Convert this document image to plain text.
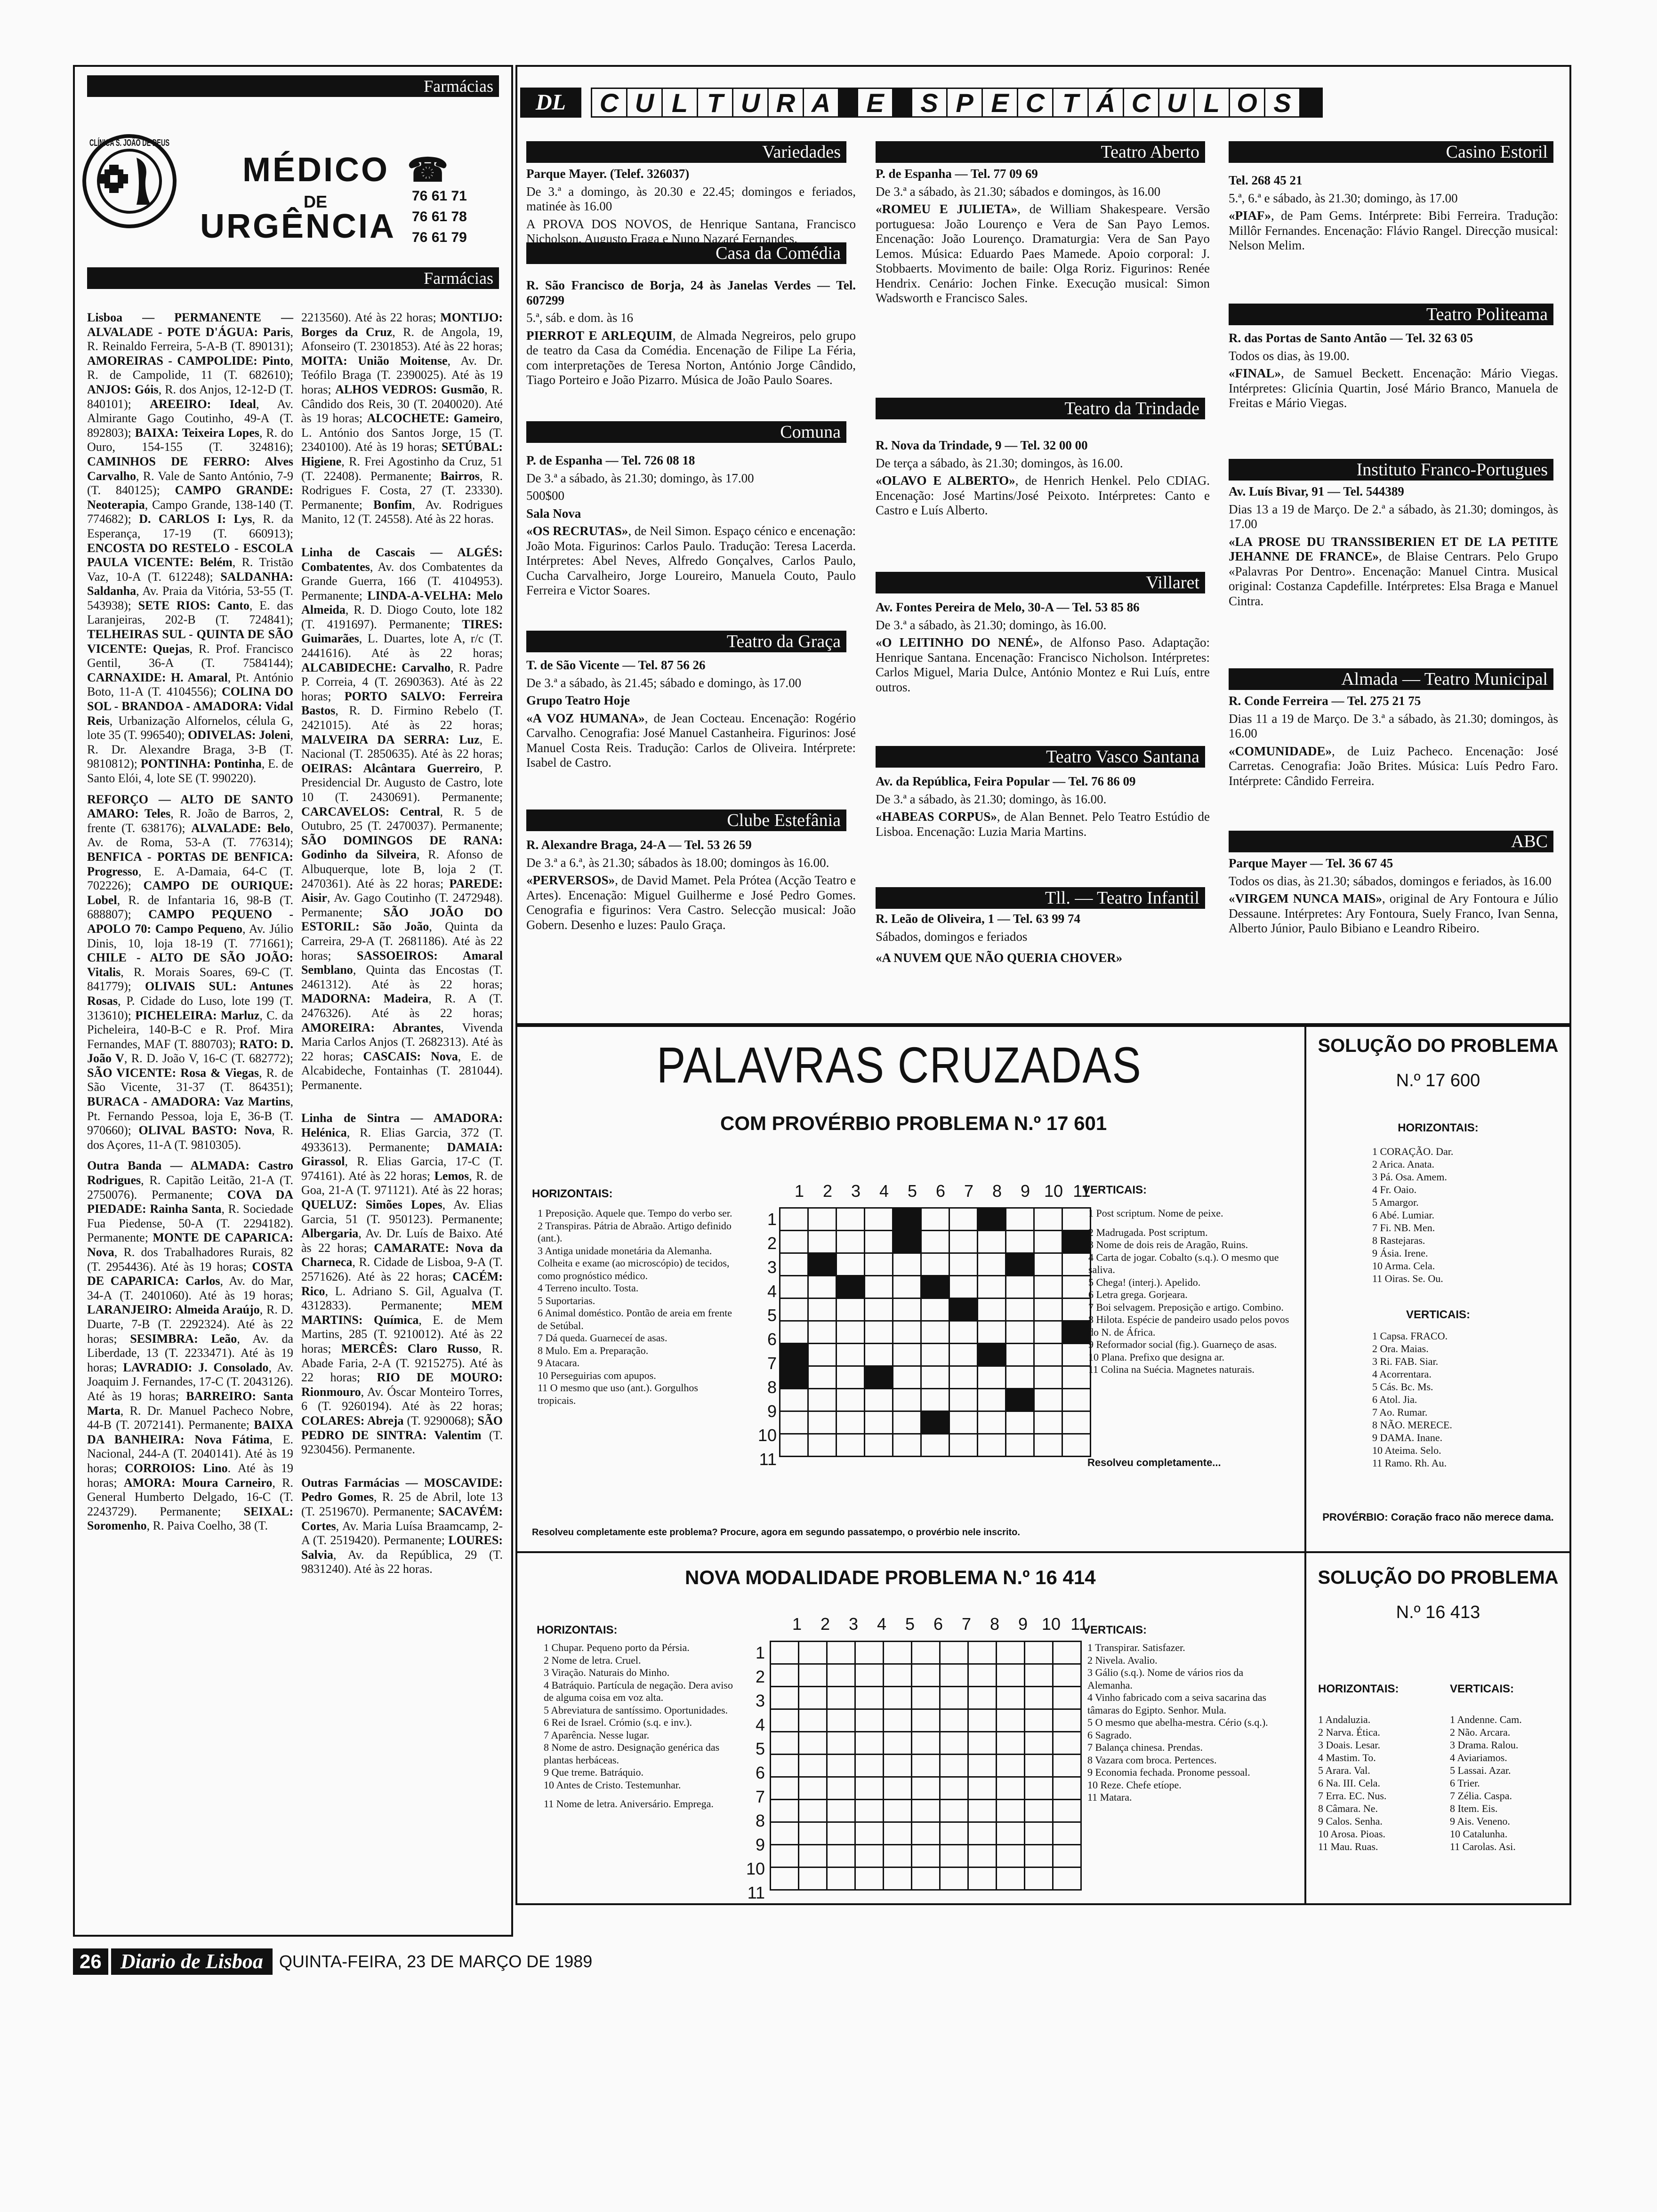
Farmácias
CLÍNICA S. JOÃO DE DEUS
MÉDICO ☎
DE
URGÊNCIA
76 61 71
76 61 78
76 61 79
Farmácias

Lisboa — PERMANENTE — ALVALADE - POTE D'ÁGUA: Paris, R. Reinaldo Ferreira, 5-A-B (T. 890131); AMOREIRAS - CAMPOLIDE: Pinto, R. de Campolide, 11 (T. 682610); ANJOS: Góis, R. dos Anjos, 12-12-D (T. 840101); AREEIRO: Ideal, Av. Almirante Gago Coutinho, 49-A (T. 892803); BAIXA: Teixeira Lopes, R. do Ouro, 154-155 (T. 324816); CAMINHOS DE FERRO: Alves Carvalho, R. Vale de Santo António, 7-9 (T. 840125); CAMPO GRANDE: Neoterapia, Campo Grande, 138-140 (T. 774682); D. CARLOS I: Lys, R. da Esperança, 17-19 (T. 660913); ENCOSTA DO RESTELO - ESCOLA PAULA VICENTE: Belém, R. Tristão Vaz, 10-A (T. 612248); SALDANHA: Saldanha, Av. Praia da Vitória, 53-55 (T. 543938); SETE RIOS: Canto, E. das Laranjeiras, 202-B (T. 724841); TELHEIRAS SUL - QUINTA DE SÃO VICENTE: Quejas, R. Prof. Francisco Gentil, 36-A (T. 7584144); CARNAXIDE: H. Amaral, Pt. António Boto, 11-A (T. 4104556); COLINA DO SOL - BRANDOA - AMADORA: Vidal Reis, Urbanização Alfornelos, célula G, lote 35 (T. 996540); ODIVELAS: Joleni, R. Dr. Alexandre Braga, 3-B (T. 9810812); PONTINHA: Pontinha, E. de Santo Elói, 4, lote SE (T. 990220).

REFORÇO — ALTO DE SANTO AMARO: Teles, R. João de Barros, 2, frente (T. 638176); ALVALADE: Belo, Av. de Roma, 53-A (T. 776314); BENFICA - PORTAS DE BENFICA: Progresso, E. A-Damaia, 64-C (T. 702226); CAMPO DE OURIQUE: Lobel, R. de Infantaria 16, 98-B (T. 688807); CAMPO PEQUENO - APOLO 70: Campo Pequeno, Av. Júlio Dinis, 10, loja 18-19 (T. 771661); CHILE - ALTO DE SÃO JOÃO: Vitalis, R. Morais Soares, 69-C (T. 841779); OLIVAIS SUL: Antunes Rosas, P. Cidade do Luso, lote 199 (T. 313610); PICHELEIRA: Marluz, C. da Picheleira, 140-B-C e R. Prof. Mira Fernandes, MAF (T. 880703); RATO: D. João V, R. D. João V, 16-C (T. 682772); SÃO VICENTE: Rosa & Viegas, R. de São Vicente, 31-37 (T. 864351); BURACA - AMADORA: Vaz Martins, Pt. Fernando Pessoa, loja E, 36-B (T. 970660); OLIVAL BASTO: Nova, R. dos Açores, 11-A (T. 9810305).

Outra Banda — ALMADA: Castro Rodrigues, R. Capitão Leitão, 21-A (T. 2750076). Permanente; COVA DA PIEDADE: Rainha Santa, R. Sociedade Fua Piedense, 50-A (T. 2294182). Permanente; MONTE DE CAPARICA: Nova, R. dos Trabalhadores Rurais, 82 (T. 2954436). Até às 19 horas; COSTA DE CAPARICA: Carlos, Av. do Mar, 34-A (T. 2401060). Até às 19 horas; LARANJEIRO: Almeida Araújo, R. D. Duarte, 7-B (T. 2292324). Até às 22 horas; SESIMBRA: Leão, Av. da Liberdade, 13 (T. 2233471). Até às 19 horas; LAVRADIO: J. Consolado, Av. Joaquim J. Fernandes, 17-C (T. 2043126). Até às 19 horas; BARREIRO: Santa Marta, R. Dr. Manuel Pacheco Nobre, 44-B (T. 2072141). Permanente; BAIXA DA BANHEIRA: Nova Fátima, E. Nacional, 244-A (T. 2040141). Até às 19 horas; CORROIOS: Lino. Até às 19 horas; AMORA: Moura Carneiro, R. General Humberto Delgado, 16-C (T. 2243729). Permanente; SEIXAL: Soromenho, R. Paiva Coelho, 38 (T.

2213560). Até às 22 horas; MONTIJO: Borges da Cruz, R. de Angola, 19, Afonseiro (T. 2301853). Até às 22 horas; MOITA: União Moitense, Av. Dr. Teófilo Braga (T. 2390025). Até às 19 horas; ALHOS VEDROS: Gusmão, R. Cândido dos Reis, 30 (T. 2040020). Até às 19 horas; ALCOCHETE: Gameiro, L. António dos Santos Jorge, 15 (T. 2340100). Até às 19 horas; SETÚBAL: Higiene, R. Frei Agostinho da Cruz, 51 (T. 22408). Permanente; Bairros, R. Rodrigues F. Costa, 27 (T. 23330). Permanente; Bonfim, Av. Rodrigues Manito, 12 (T. 24558). Até às 22 horas.

Linha de Cascais — ALGÉS: Combatentes, Av. dos Combatentes da Grande Guerra, 166 (T. 4104953). Permanente; LINDA-A-VELHA: Melo Almeida, R. D. Diogo Couto, lote 182 (T. 4191697). Permanente; TIRES: Guimarães, L. Duartes, lote A, r/c (T. 2441616). Até às 22 horas; ALCABIDECHE: Carvalho, R. Padre P. Correia, 4 (T. 2690363). Até às 22 horas; PORTO SALVO: Ferreira Bastos, R. D. Firmino Rebelo (T. 2421015). Até às 22 horas; MALVEIRA DA SERRA: Luz, E. Nacional (T. 2850635). Até às 22 horas; OEIRAS: Alcântara Guerreiro, P. Presidencial Dr. Augusto de Castro, lote 10 (T. 2430691). Permanente; CARCAVELOS: Central, R. 5 de Outubro, 25 (T. 2470037). Permanente; SÃO DOMINGOS DE RANA: Godinho da Silveira, R. Afonso de Albuquerque, lote B, loja 2 (T. 2470361). Até às 22 horas; PAREDE: Aisir, Av. Gago Coutinho (T. 2472948). Permanente; SÃO JOÃO DO ESTORIL: São João, Quinta da Carreira, 29-A (T. 2681186). Até às 22 horas; SASSOEIROS: Amaral Semblano, Quinta das Encostas (T. 2461312). Até às 22 horas; MADORNA: Madeira, R. A (T. 2476326). Até às 22 horas; AMOREIRA: Abrantes, Vivenda Maria Carlos Anjos (T. 2682313). Até às 22 horas; CASCAIS: Nova, E. de Alcabideche, Fontainhas (T. 281044). Permanente.

Linha de Sintra — AMADORA: Helénica, R. Elias Garcia, 372 (T. 4933613). Permanente; DAMAIA: Girassol, R. Elias Garcia, 17-C (T. 974161). Até às 22 horas; Lemos, R. de Goa, 21-A (T. 971121). Até às 22 horas; QUELUZ: Simões Lopes, Av. Elias Garcia, 51 (T. 950123). Permanente; Albergaria, Av. Dr. Luís de Baixo. Até às 22 horas; CAMARATE: Nova da Charneca, R. Cidade de Lisboa, 9-A (T. 2571626). Até às 22 horas; CACÉM: Rico, L. Adriano S. Gil, Agualva (T. 4312833). Permanente; MEM MARTINS: Química, E. de Mem Martins, 285 (T. 9210012). Até às 22 horas; MERCÊS: Claro Russo, R. Abade Faria, 2-A (T. 9215275). Até às 22 horas; RIO DE MOURO: Rionmouro, Av. Óscar Monteiro Torres, 6 (T. 9260194). Até às 22 horas; COLARES: Abreja (T. 9290068); SÃO PEDRO DE SINTRA: Valentim (T. 9230456). Permanente.

Outras Farmácias — MOSCAVIDE: Pedro Gomes, R. 25 de Abril, lote 13 (T. 2519670). Permanente; SACAVÉM: Cortes, Av. Maria Luísa Braamcamp, 2-A (T. 2519420). Permanente; LOURES: Salvia, Av. da República, 29 (T. 9831240). Até às 22 horas.

DL	C U L T U R A E S P E C T Á C U L O S
Variedades

Parque Mayer. (Telef. 326037)

De 3.ª a domingo, às 20.30 e 22.45; domingos e feriados, matinée às 16.00

A PROVA DOS NOVOS, de Henrique Santana, Francisco Nicholson, Augusto Fraga e Nuno Nazaré Fernandes.

Casa da Comédia

R. São Francisco de Borja, 24 às Janelas Verdes — Tel. 607299

5.ª, sáb. e dom. às 16

PIERROT E ARLEQUIM, de Almada Negreiros, pelo grupo de teatro da Casa da Comédia. Encenação de Filipe La Féria, com interpretações de Teresa Norton, António Jorge Cândido, Tiago Porteiro e João Pizarro. Música de João Paulo Soares.

Comuna

P. de Espanha — Tel. 726 08 18

De 3.ª a sábado, às 21.30; domingo, às 17.00

500$00

Sala Nova

«OS RECRUTAS», de Neil Simon. Espaço cénico e encenação: João Mota. Figurinos: Carlos Paulo. Tradução: Teresa Lacerda. Intérpretes: Abel Neves, Alfredo Gonçalves, Carlos Paulo, Cucha Carvalheiro, Jorge Loureiro, Manuela Couto, Paulo Ferreira e Victor Soares.

Teatro da Graça

T. de São Vicente — Tel. 87 56 26

De 3.ª a sábado, às 21.45; sábado e domingo, às 17.00

Grupo Teatro Hoje

«A VOZ HUMANA», de Jean Cocteau. Encenação: Rogério Carvalho. Cenografia: José Manuel Castanheira. Figurinos: José Manuel Costa Reis. Tradução: Carlos de Oliveira. Intérprete: Isabel de Castro.

Clube Estefânia

R. Alexandre Braga, 24-A — Tel. 53 26 59

De 3.ª a 6.ª, às 21.30; sábados às 18.00; domingos às 16.00.

«PERVERSOS», de David Mamet. Pela Prótea (Acção Teatro e Artes). Encenação: Miguel Guilherme e José Pedro Gomes. Cenografia e figurinos: Vera Castro. Selecção musical: João Gobern. Desenho e luzes: Paulo Graça.

Teatro Aberto

P. de Espanha — Tel. 77 09 69

De 3.ª a sábado, às 21.30; sábados e domingos, às 16.00

«ROMEU E JULIETA», de William Shakespeare. Versão portuguesa: João Lourenço e Vera de San Payo Lemos. Encenação: João Lourenço. Dramaturgia: Vera de San Payo Lemos. Música: Eduardo Paes Mamede. Apoio corporal: J. Stobbaerts. Movimento de baile: Olga Roriz. Figurinos: Renée Hendrix. Cenário: Jochen Finke. Execução musical: Simon Wadsworth e Francisco Sales.

Teatro da Trindade

R. Nova da Trindade, 9 — Tel. 32 00 00

De terça a sábado, às 21.30; domingos, às 16.00.

«OLAVO E ALBERTO», de Henrich Henkel. Pelo CDIAG. Encenação: José Martins/José Peixoto. Intérpretes: Canto e Castro e Luís Alberto.

Villaret

Av. Fontes Pereira de Melo, 30-A — Tel. 53 85 86

De 3.ª a sábado, às 21.30; domingo, às 16.00.

«O LEITINHO DO NENÉ», de Alfonso Paso. Adaptação: Henrique Santana. Encenação: Francisco Nicholson. Intérpretes: Carlos Miguel, Maria Dulce, António Montez e Rui Luís, entre outros.

Teatro Vasco Santana

Av. da República, Feira Popular — Tel. 76 86 09

De 3.ª a sábado, às 21.30; domingo, às 16.00.

«HABEAS CORPUS», de Alan Bennet. Pelo Teatro Estúdio de Lisboa. Encenação: Luzia Maria Martins.

Tll. — Teatro Infantil

R. Leão de Oliveira, 1 — Tel. 63 99 74

Sábados, domingos e feriados

«A NUVEM QUE NÃO QUERIA CHOVER»

Casino Estoril

Tel. 268 45 21

5.ª, 6.ª e sábado, às 21.30; domingo, às 17.00

«PIAF», de Pam Gems. Intérprete: Bibi Ferreira. Tradução: Millôr Fernandes. Encenação: Flávio Rangel. Direcção musical: Nelson Melim.

Teatro Politeama

R. das Portas de Santo Antão — Tel. 32 63 05

Todos os dias, às 19.00.

«FINAL», de Samuel Beckett. Encenação: Mário Viegas. Intérpretes: Glicínia Quartin, José Mário Branco, Manuela de Freitas e Mário Viegas.

Instituto Franco-Portugues

Av. Luís Bivar, 91 — Tel. 544389

Dias 13 a 19 de Março. De 2.ª a sábado, às 21.30; domingos, às 17.00

«LA PROSE DU TRANSSIBERIEN ET DE LA PETITE JEHANNE DE FRANCE», de Blaise Centrars. Pelo Grupo «Palavras Por Dentro». Encenação: Manuel Cintra. Musical original: Costanza Capdefille. Intérpretes: Elsa Braga e Manuel Cintra.

Almada — Teatro Municipal

R. Conde Ferreira — Tel. 275 21 75

Dias 11 a 19 de Março. De 3.ª a sábado, às 21.30; domingos, às 16.00

«COMUNIDADE», de Luiz Pacheco. Encenação: José Carretas. Cenografia: João Brites. Música: Luís Pedro Faro. Intérprete: Cândido Ferreira.

ABC

Parque Mayer — Tel. 36 67 45

Todos os dias, às 21.30; sábados, domingos e feriados, às 16.00

«VIRGEM NUNCA MAIS», original de Ary Fontoura e Júlio Dessaune. Intérpretes: Ary Fontoura, Suely Franco, Ivan Senna, Alberto Júnior, Paulo Bibiano e Leandro Ribeiro.

PALAVRAS CRUZADAS
COM PROVÉRBIO PROBLEMA N.º 17 601
HORIZONTAIS:
1 Preposição. Aquele que. Tempo do verbo ser.
2 Transpiras. Pátria de Abraão. Artigo definido (ant.).
3 Antiga unidade monetária da Alemanha. Colheita e exame (ao microscópio) de tecidos, como prognóstico médico.
4 Terreno inculto. Tosta.
5 Suportarias.
6 Animal doméstico. Pontão de areia em frente de Setúbal.
7 Dá queda. Guarneceí de asas.
8 Mulo. Em a. Preparação.
9 Atacara.
10 Perseguirias com apupos.
11 O mesmo que uso (ant.). Gorgulhos tropicais.
1 2 3 4 5 6 7 8 9 10 11
1
2
3
4
5
6
7
8
9
10
11

VERTICAIS:
1 Post scriptum. Nome de peixe.
2 Madrugada. Post scriptum.
3 Nome de dois reis de Aragão, Ruins.
4 Carta de jogar. Cobalto (s.q.). O mesmo que saliva.
5 Chega! (interj.). Apelido.
6 Letra grega. Gorjeara.
7 Boi selvagem. Preposição e artigo. Combino.
8 Hilota. Espécie de pandeiro usado pelos povos do N. de África.
9 Reformador social (fig.). Guarneço de asas.
10 Plana. Prefixo que designa ar.
11 Colina na Suécia. Magnetes naturais.
Resolveu completamente...
Resolveu completamente este problema? Procure, agora em segundo passatempo, o provérbio nele inscrito.
SOLUÇÃO DO PROBLEMA
N.º 17 600
HORIZONTAIS:
1 CORAÇÃO. Dar.
2 Arica. Anata.
3 Pá. Osa. Amem.
4 Fr. Oaio.
5 Amargor.
6 Abé. Lumiar.
7 Fi. NB. Men.
8 Rastejaras.
9 Ásia. Irene.
10 Arma. Cela.
11 Oiras. Se. Ou.
VERTICAIS:
1 Capsa. FRACO.
2 Ora. Maias.
3 Ri. FAB. Siar.
4 Acorrentara.
5 Cás. Bc. Ms.
6 Atol. Jia.
7 Ao. Rumar.
8 NÃO. MERECE.
9 DAMA. Inane.
10 Ateima. Selo.
11 Ramo. Rh. Au.
PROVÉRBIO: Coração fraco não merece dama.
NOVA MODALIDADE PROBLEMA N.º 16 414
HORIZONTAIS:
1 Chupar. Pequeno porto da Pérsia.
2 Nome de letra. Cruel.
3 Viração. Naturais do Minho.
4 Batráquio. Partícula de negação. Dera aviso de alguma coisa em voz alta.
5 Abreviatura de santíssimo. Oportunidades.
6 Rei de Israel. Crómio (s.q. e inv.).
7 Aparência. Nesse lugar.
8 Nome de astro. Designação genérica das plantas herbáceas.
9 Que treme. Batráquio.
10 Antes de Cristo. Testemunhar.
11 Nome de letra. Aniversário. Emprega.
1 2 3 4 5 6 7 8 9 10 11
1
2
3
4
5
6
7
8
9
10
11

VERTICAIS:
1 Transpirar. Satisfazer.
2 Nivela. Avalio.
3 Gálio (s.q.). Nome de vários rios da Alemanha.
4 Vinho fabricado com a seiva sacarina das tâmaras do Egipto. Senhor. Mula.
5 O mesmo que abelha-mestra. Cério (s.q.).
6 Sagrado.
7 Balança chinesa. Prendas.
8 Vazara com broca. Pertences.
9 Economia fechada. Pronome pessoal.
10 Reze. Chefe etíope.
11 Matara.
SOLUÇÃO DO PROBLEMA
N.º 16 413
HORIZONTAIS:
1 Andaluzia.
2 Narva. Ética.
3 Doais. Lesar.
4 Mastim. To.
5 Arara. Val.
6 Na. III. Cela.
7 Erra. EC. Nus.
8 Câmara. Ne.
9 Calos. Senha.
10 Arosa. Pioas.
11 Mau. Ruas.
VERTICAIS:
1 Andenne. Cam.
2 Não. Arcara.
3 Drama. Ralou.
4 Aviariamos.
5 Lassai. Azar.
6 Trier.
7 Zélia. Caspa.
8 Item. Eis.
9 Ais. Veneno.
10 Catalunha.
11 Carolas. Asi.
26 Diario de Lisboa QUINTA-FEIRA, 23 DE MARÇO DE 1989
